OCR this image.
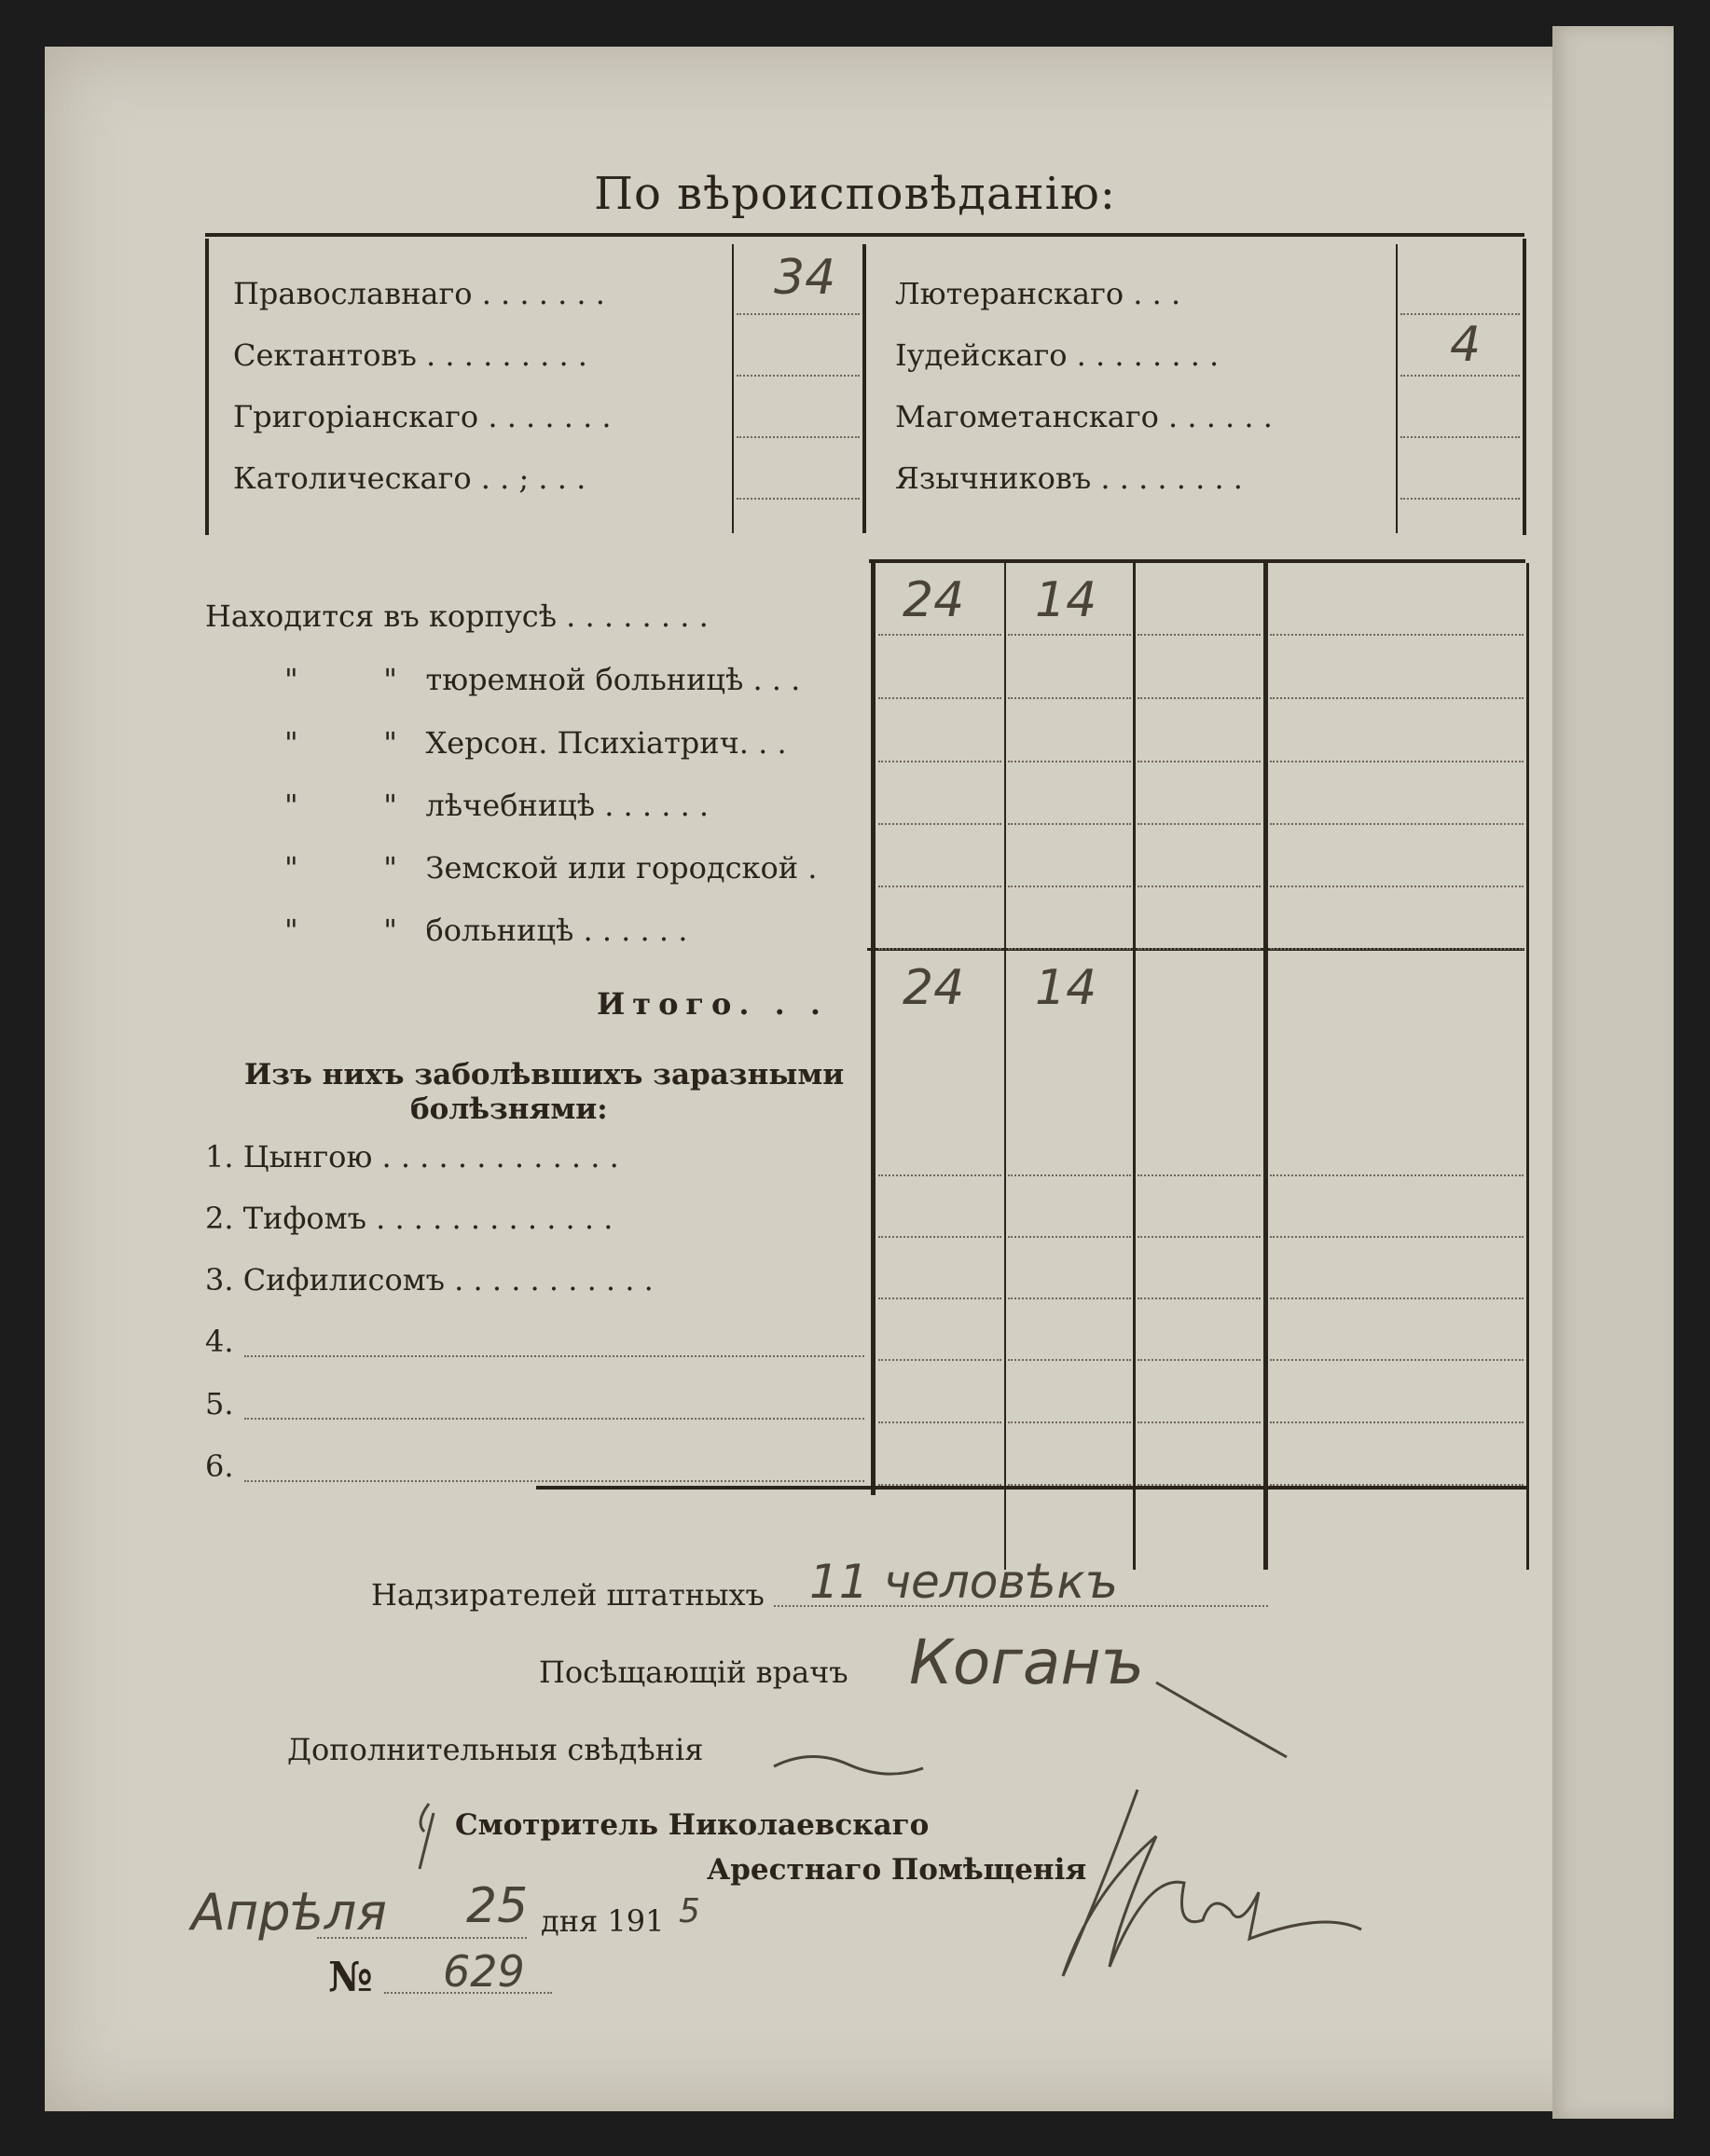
По вѣроисповѣданію:
Православнаго . . . . . . .	34
Сектантовъ . . . . . . . . .
Григоріанскаго . . . . . . .
Католическаго . . ; . . .
Лютеранскаго . . .
Іудейскаго . . . . . . . .	4
Магометанскаго . . . . . .
Язычниковъ . . . . . . . .
Находится въ корпусѣ . . . . . . . .	24 14
"         "   тюремной больницѣ . . .
"         "   Херсон. Психіатрич. . .
"         "   лѣчебницѣ . . . . . .
"         "   Земской или городской .
"         "   больницѣ . . . . . .
Итого. . . 24 14
Изъ нихъ заболѣвшихъ заразными
болѣзнями:
1. Цынгою . . . . . . . . . . . . .
2. Тифомъ . . . . . . . . . . . . .
3. Сифилисомъ . . . . . . . . . . .
4.
5.
6.
Надзирателей штатныхъ 11 человѣкъ
Посѣщающій врачъ Коганъ
Дополнительныя свѣдѣнія
Смотритель Николаевскаго
Арестнаго Помѣщенія
Апрѣля 25 дня 191 5
№ 629
